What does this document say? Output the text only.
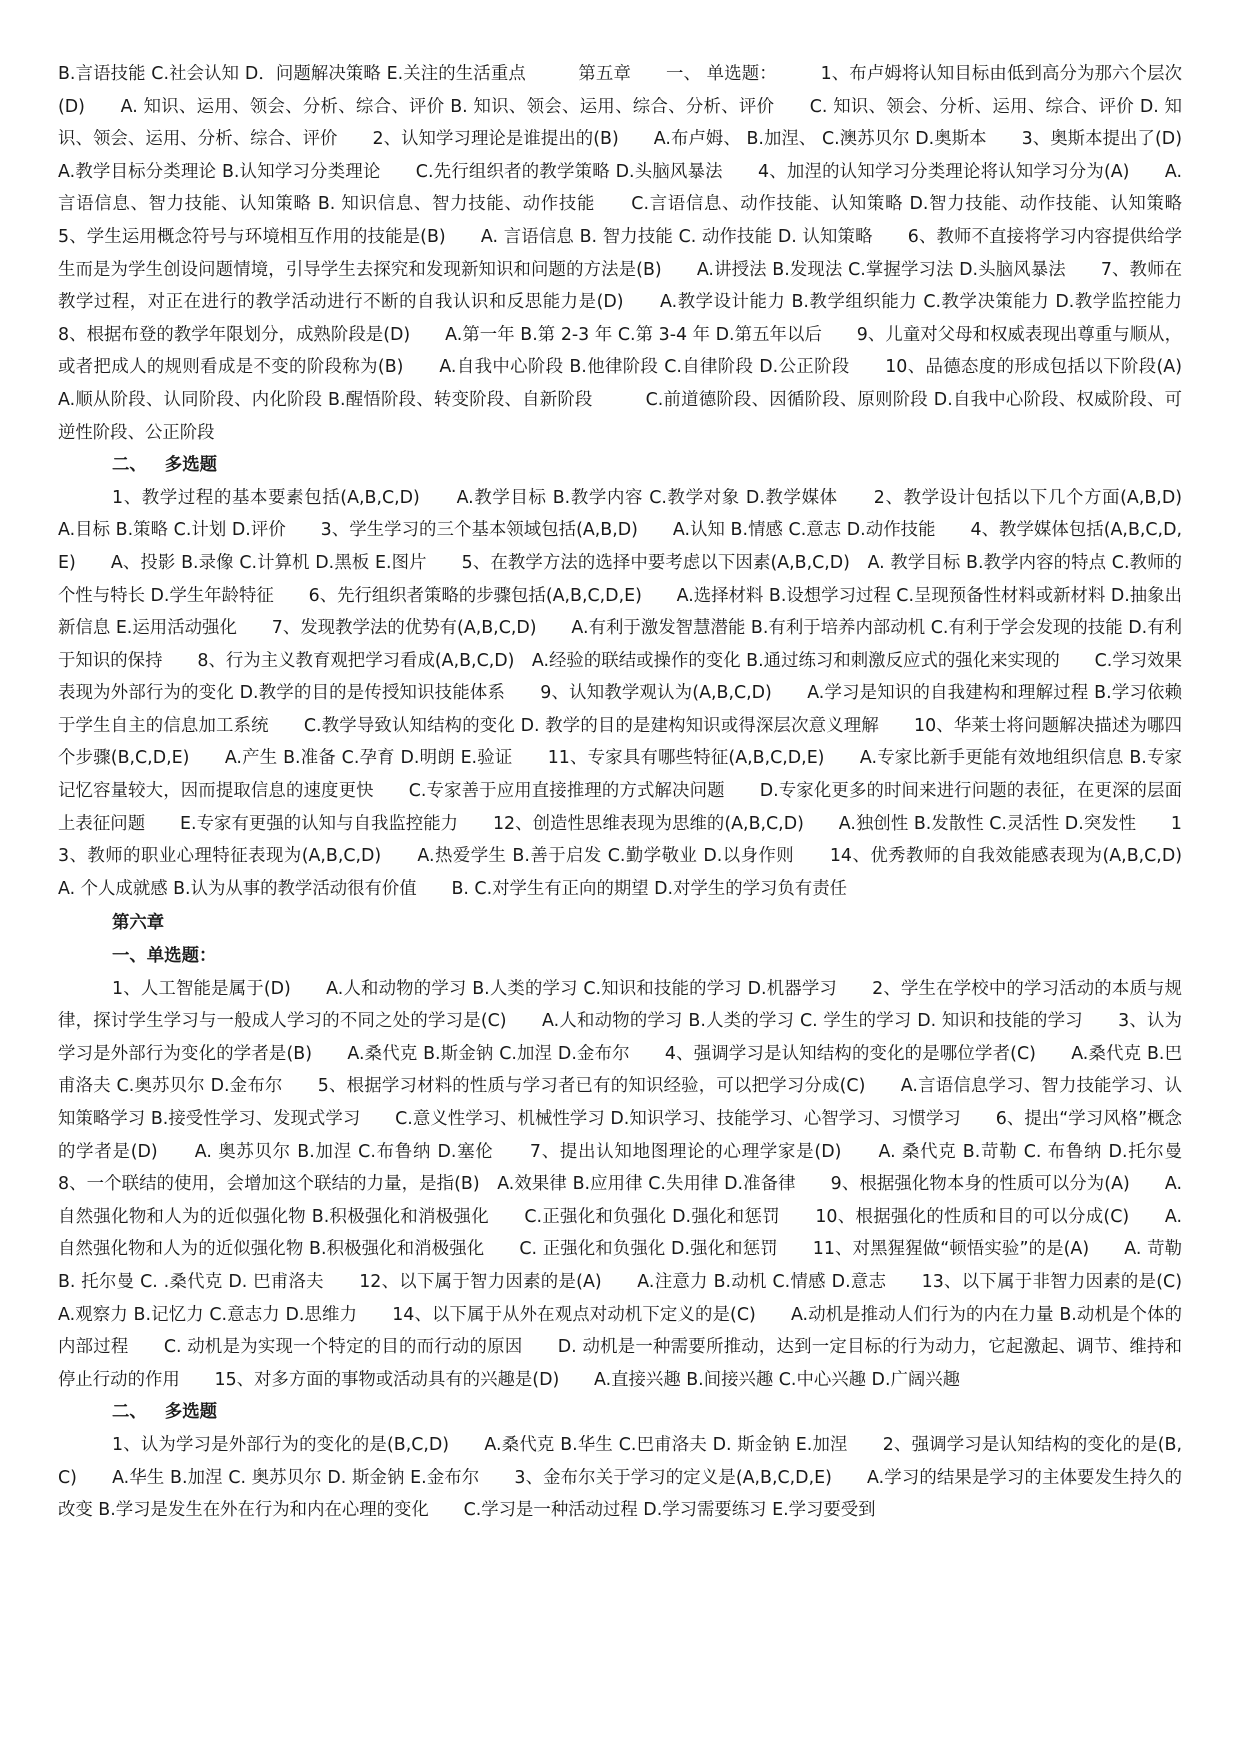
B.言语技能 C.社会认知 D．问题解决策略 E.关注的生活重点　　　第五章　　一、 单选题：　　　1、布卢姆将认知目标由低到高分为那六个层次(D)　　A. 知识、运用、领会、分析、综合、评价 B. 知识、领会、运用、综合、分析、评价　　C. 知识、领会、分析、运用、综合、评价 D. 知识、领会、运用、分析、综合、评价　　2、认知学习理论是谁提出的(B)　　A.布卢姆、 B.加涅、 C.澳苏贝尔 D.奥斯本　　3、奥斯本提出了(D)　　A.教学目标分类理论 B.认知学习分类理论　　C.先行组织者的教学策略 D.头脑风暴法　　4、加涅的认知学习分类理论将认知学习分为(A)　　A.言语信息、智力技能、认知策略 B. 知识信息、智力技能、动作技能　　C.言语信息、动作技能、认知策略 D.智力技能、动作技能、认知策略　　5、学生运用概念符号与环境相互作用的技能是(B)　　A. 言语信息 B. 智力技能 C. 动作技能 D. 认知策略　　6、教师不直接将学习内容提供给学生而是为学生创设问题情境，引导学生去探究和发现新知识和问题的方法是(B)　　A.讲授法 B.发现法 C.掌握学习法 D.头脑风暴法　　7、教师在教学过程，对正在进行的教学活动进行不断的自我认识和反思能力是(D)　　A.教学设计能力 B.教学组织能力 C.教学决策能力 D.教学监控能力　　8、根据布登的教学年限划分，成熟阶段是(D)　　A.第一年 B.第 2-3 年 C.第 3-4 年 D.第五年以后　　9、儿童对父母和权威表现出尊重与顺从，或者把成人的规则看成是不变的阶段称为(B)　　A.自我中心阶段 B.他律阶段 C.自律阶段 D.公正阶段　　10、品德态度的形成包括以下阶段(A)　A.顺从阶段、认同阶段、内化阶段 B.醒悟阶段、转变阶段、自新阶段　　　C.前道德阶段、因循阶段、原则阶段 D.自我中心阶段、权威阶段、可逆性阶段、公正阶段

二、 多选题

1、教学过程的基本要素包括(A,B,C,D)　　A.教学目标 B.教学内容 C.教学对象 D.教学媒体　　2、教学设计包括以下几个方面(A,B,D)　　A.目标 B.策略 C.计划 D.评价　　3、学生学习的三个基本领域包括(A,B,D)　　A.认知 B.情感 C.意志 D.动作技能　　4、教学媒体包括(A,B,C,D,E)　　A、投影 B.录像 C.计算机 D.黑板 E.图片　　5、在教学方法的选择中要考虑以下因素(A,B,C,D)　A. 教学目标 B.教学内容的特点 C.教师的个性与特长 D.学生年龄特征　　6、先行组织者策略的步骤包括(A,B,C,D,E)　　A.选择材料 B.设想学习过程 C.呈现预备性材料或新材料 D.抽象出新信息 E.运用活动强化　　7、发现教学法的优势有(A,B,C,D)　　A.有利于激发智慧潜能 B.有利于培养内部动机 C.有利于学会发现的技能 D.有利于知识的保持　　8、行为主义教育观把学习看成(A,B,C,D)　A.经验的联结或操作的变化 B.通过练习和刺激反应式的强化来实现的　　C.学习效果表现为外部行为的变化 D.教学的目的是传授知识技能体系　　9、认知教学观认为(A,B,C,D)　　A.学习是知识的自我建构和理解过程 B.学习依赖于学生自主的信息加工系统　　C.教学导致认知结构的变化 D. 教学的目的是建构知识或得深层次意义理解　　10、华莱士将问题解决描述为哪四个步骤(B,C,D,E)　　A.产生 B.准备 C.孕育 D.明朗 E.验证　　11、专家具有哪些特征(A,B,C,D,E)　　A.专家比新手更能有效地组织信息 B.专家记忆容量较大，因而提取信息的速度更快　　C.专家善于应用直接推理的方式解决问题　　D.专家化更多的时间来进行问题的表征，在更深的层面上表征问题　　E.专家有更强的认知与自我监控能力　　12、创造性思维表现为思维的(A,B,C,D)　　A.独创性 B.发散性 C.灵活性 D.突发性　　13、教师的职业心理特征表现为(A,B,C,D)　　A.热爱学生 B.善于启发 C.勤学敬业 D.以身作则　　14、优秀教师的自我效能感表现为(A,B,C,D)　　A. 个人成就感 B.认为从事的教学活动很有价值　　B. C.对学生有正向的期望 D.对学生的学习负有责任

第六章

一、单选题：

1、人工智能是属于(D)　　A.人和动物的学习 B.人类的学习 C.知识和技能的学习 D.机器学习　　2、学生在学校中的学习活动的本质与规律，探讨学生学习与一般成人学习的不同之处的学习是(C)　　A.人和动物的学习 B.人类的学习 C. 学生的学习 D. 知识和技能的学习　　3、认为学习是外部行为变化的学者是(B)　　A.桑代克 B.斯金钠 C.加涅 D.金布尔　　4、强调学习是认知结构的变化的是哪位学者(C)　　A.桑代克 B.巴甫洛夫 C.奥苏贝尔 D.金布尔　　5、根据学习材料的性质与学习者已有的知识经验，可以把学习分成(C)　　A.言语信息学习、智力技能学习、认知策略学习 B.接受性学习、发现式学习　　C.意义性学习、机械性学习 D.知识学习、技能学习、心智学习、习惯学习　　6、提出“学习风格”概念的学者是(D)　　A. 奥苏贝尔 B.加涅 C.布鲁纳 D.塞伦　　7、提出认知地图理论的心理学家是(D)　　A. 桑代克 B.苛勒 C. 布鲁纳 D.托尔曼　　8、一个联结的使用，会增加这个联结的力量，是指(B)　A.效果律 B.应用律 C.失用律 D.准备律　　9、根据强化物本身的性质可以分为(A)　　A.自然强化物和人为的近似强化物 B.积极强化和消极强化　　C.正强化和负强化 D.强化和惩罚　　10、根据强化的性质和目的可以分成(C)　　A. 自然强化物和人为的近似强化物 B.积极强化和消极强化　　C. 正强化和负强化 D.强化和惩罚　　11、对黑猩猩做“顿悟实验”的是(A)　　A. 苛勒 B. 托尔曼 C. .桑代克 D. 巴甫洛夫　　12、以下属于智力因素的是(A)　　A.注意力 B.动机 C.情感 D.意志　　13、以下属于非智力因素的是(C)　A.观察力 B.记忆力 C.意志力 D.思维力　　14、以下属于从外在观点对动机下定义的是(C)　　A.动机是推动人们行为的内在力量 B.动机是个体的内部过程　　C. 动机是为实现一个特定的目的而行动的原因　　D. 动机是一种需要所推动，达到一定目标的行为动力，它起激起、调节、维持和停止行动的作用　　15、对多方面的事物或活动具有的兴趣是(D)　　A.直接兴趣 B.间接兴趣 C.中心兴趣 D.广阔兴趣

二、 多选题

1、认为学习是外部行为的变化的是(B,C,D)　　A.桑代克 B.华生 C.巴甫洛夫 D. 斯金钠 E.加涅　　2、强调学习是认知结构的变化的是(B,C)　　A.华生 B.加涅 C. 奥苏贝尔 D. 斯金钠 E.金布尔　　3、金布尔关于学习的定义是(A,B,C,D,E)　　A.学习的结果是学习的主体要发生持久的改变 B.学习是发生在外在行为和内在心理的变化　　C.学习是一种活动过程 D.学习需要练习 E.学习要受到
